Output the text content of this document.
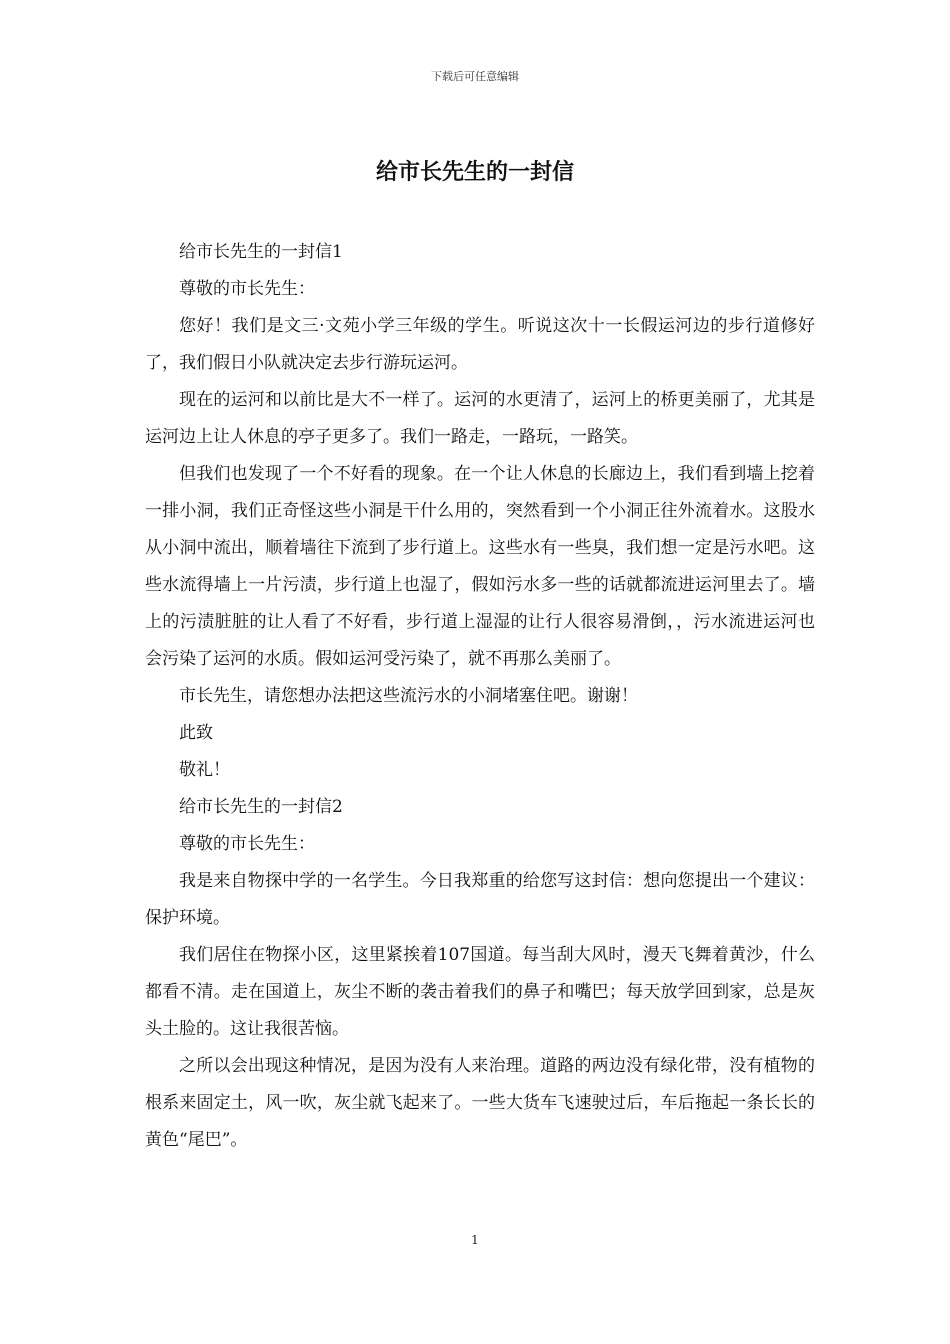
下载后可任意编辑
给市长先生的一封信

给市长先生的一封信1

尊敬的市长先生：

您好！我们是文三·文苑小学三年级的学生。听说这次十一长假运河边的步行道修好了，我们假日小队就决定去步行游玩运河。

现在的运河和以前比是大不一样了。运河的水更清了，运河上的桥更美丽了，尤其是运河边上让人休息的亭子更多了。我们一路走，一路玩，一路笑。

但我们也发现了一个不好看的现象。在一个让人休息的长廊边上，我们看到墙上挖着一排小洞，我们正奇怪这些小洞是干什么用的，突然看到一个小洞正往外流着水。这股水从小洞中流出，顺着墙往下流到了步行道上。这些水有一些臭，我们想一定是污水吧。这些水流得墙上一片污渍，步行道上也湿了，假如污水多一些的话就都流进运河里去了。墙上的污渍脏脏的让人看了不好看，步行道上湿湿的让行人很容易滑倒，，污水流进运河也会污染了运河的水质。假如运河受污染了，就不再那么美丽了。

市长先生，请您想办法把这些流污水的小洞堵塞住吧。谢谢！

此致

敬礼！

给市长先生的一封信2

尊敬的市长先生：

我是来自物探中学的一名学生。今日我郑重的给您写这封信：想向您提出一个建议：保护环境。

我们居住在物探小区，这里紧挨着107国道。每当刮大风时，漫天飞舞着黄沙，什么都看不清。走在国道上，灰尘不断的袭击着我们的鼻子和嘴巴；每天放学回到家，总是灰头土脸的。这让我很苦恼。

之所以会出现这种情况，是因为没有人来治理。道路的两边没有绿化带，没有植物的根系来固定土，风一吹，灰尘就飞起来了。一些大货车飞速驶过后，车后拖起一条长长的黄色“尾巴”。

1
